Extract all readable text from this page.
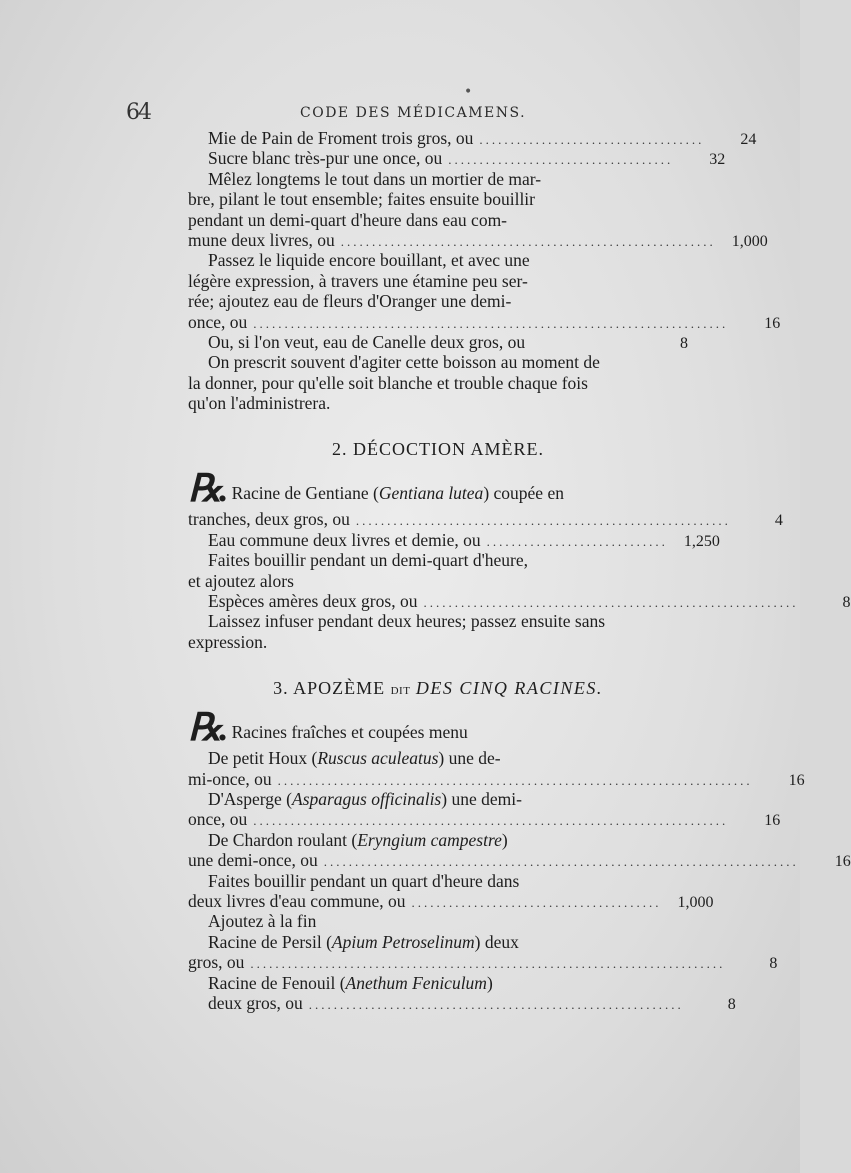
64	CODE DES MÉDICAMENS.
•
Mie de Pain de Froment trois gros, ou ....................................	24
Sucre blanc très-pur une once, ou ....................................	32
Mêlez longtems le tout dans un mortier de mar-
bre, pilant le tout ensemble; faites ensuite bouillir
pendant un demi-quart d'heure dans eau com-
mune deux livres, ou ............................................................	1,000
Passez le liquide encore bouillant, et avec une
légère expression, à travers une étamine peu ser-
rée; ajoutez eau de fleurs d'Oranger une demi-
once, ou ............................................................................	16
Ou, si l'on veut, eau de Canelle deux gros, ou	8
On prescrit souvent d'agiter cette boisson au moment de
la donner, pour qu'elle soit blanche et trouble chaque fois
qu'on l'administrera.
2. DÉCOCTION AMÈRE.
℞. Racine de Gentiane (Gentiana lutea) coupée en
tranches, deux gros, ou ............................................................	4
Eau commune deux livres et demie, ou .............................	1,250
Faites bouillir pendant un demi-quart d'heure,
et ajoutez alors
Espèces amères deux gros, ou ............................................................	8
Laissez infuser pendant deux heures; passez ensuite sans
expression.
3. APOZÈME DIT DES CINQ RACINES.
℞. Racines fraîches et coupées menu
De petit Houx (Ruscus aculeatus) une de-
mi-once, ou ............................................................................	16
D'Asperge (Asparagus officinalis) une demi-
once, ou ............................................................................	16
De Chardon roulant (Eryngium campestre)
une demi-once, ou ............................................................................	16
Faites bouillir pendant un quart d'heure dans
deux livres d'eau commune, ou ........................................	1,000
Ajoutez à la fin
Racine de Persil (Apium Petroselinum) deux
gros, ou ............................................................................	8
Racine de Fenouil (Anethum Feniculum)
deux gros, ou ............................................................	8
